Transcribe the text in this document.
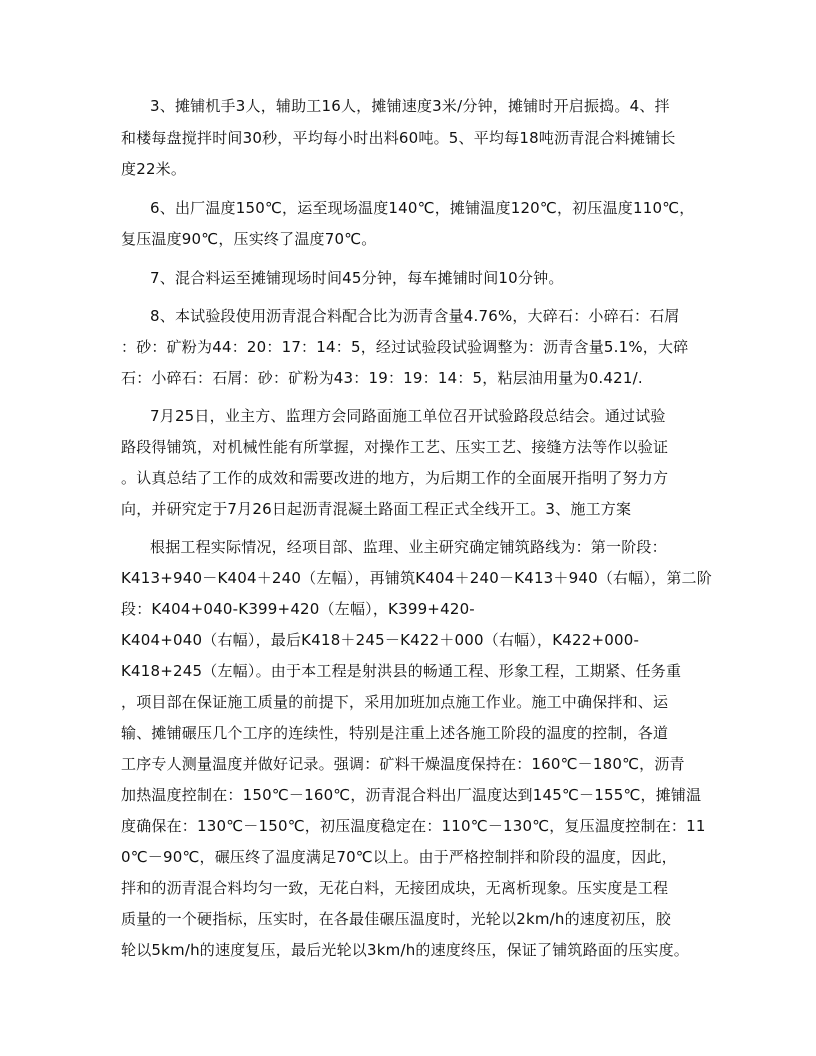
3、摊铺机手3人，辅助工16人，摊铺速度3米/分钟，摊铺时开启振捣。4、拌
和楼每盘搅拌时间30秒，平均每小时出料60吨。5、平均每18吨沥青混合料摊铺长
度22米。
6、出厂温度150℃，运至现场温度140℃，摊铺温度120℃，初压温度110℃，
复压温度90℃，压实终了温度70℃。
7、混合料运至摊铺现场时间45分钟，每车摊铺时间10分钟。
8、本试验段使用沥青混合料配合比为沥青含量4.76%，大碎石：小碎石：石屑
：砂：矿粉为44：20：17：14：5，经过试验段试验调整为：沥青含量5.1%，大碎
石：小碎石：石屑：砂：矿粉为43：19：19：14：5，粘层油用量为0.421/.
7月25日，业主方、监理方会同路面施工单位召开试验路段总结会。通过试验
路段得铺筑，对机械性能有所掌握，对操作工艺、压实工艺、接缝方法等作以验证
。认真总结了工作的成效和需要改进的地方，为后期工作的全面展开指明了努力方
向，并研究定于7月26日起沥青混凝土路面工程正式全线开工。3、施工方案
根据工程实际情况，经项目部、监理、业主研究确定铺筑路线为：第一阶段：
K413+940－K404＋240（左幅），再铺筑K404＋240－K413＋940（右幅），第二阶
段：K404+040-K399+420（左幅），K399+420-
K404+040（右幅），最后K418＋245－K422＋000（右幅），K422+000-
K418+245（左幅）。由于本工程是射洪县的畅通工程、形象工程，工期紧、任务重
，项目部在保证施工质量的前提下，采用加班加点施工作业。施工中确保拌和、运
输、摊铺碾压几个工序的连续性，特别是注重上述各施工阶段的温度的控制，各道
工序专人测量温度并做好记录。强调：矿料干燥温度保持在：160℃－180℃，沥青
加热温度控制在：150℃－160℃，沥青混合料出厂温度达到145℃－155℃，摊铺温
度确保在：130℃－150℃，初压温度稳定在：110℃－130℃，复压温度控制在：11
0℃－90℃，碾压终了温度满足70℃以上。由于严格控制拌和阶段的温度，因此，
拌和的沥青混合料均匀一致，无花白料，无接团成块，无离析现象。压实度是工程
质量的一个硬指标，压实时，在各最佳碾压温度时，光轮以2km/h的速度初压，胶
轮以5km/h的速度复压，最后光轮以3km/h的速度终压，保证了铺筑路面的压实度。
